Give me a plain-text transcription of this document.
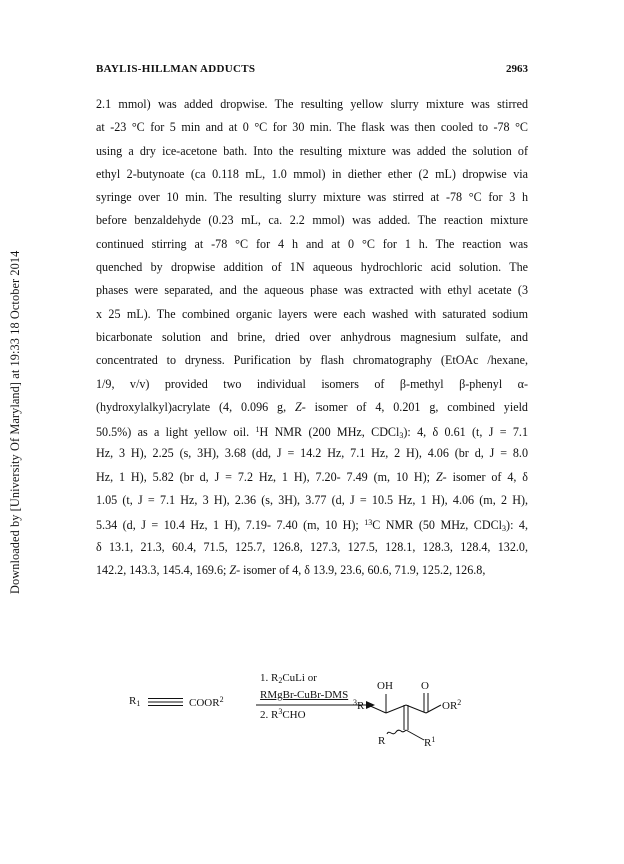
Downloaded by [University Of Maryland] at 19:33 18 October 2014
BAYLIS-HILLMAN ADDUCTS	2963
2.1 mmol) was added dropwise. The resulting yellow slurry mixture was stirred
at -23 °C for 5 min and at 0 °C for 30 min. The flask was then cooled to -78 °C
using a dry ice-acetone bath. Into the resulting mixture was added the solution of
ethyl 2-butynoate (ca 0.118 mL, 1.0 mmol) in diether ether (2 mL) dropwise via
syringe over 10 min. The resulting slurry mixture was stirred at -78 °C for 3 h
before benzaldehyde (0.23 mL, ca. 2.2 mmol) was added. The reaction mixture
continued stirring at -78 °C for 4 h and at 0 °C for 1 h. The reaction was
quenched by dropwise addition of 1N aqueous hydrochloric acid solution. The
phases were separated, and the aqueous phase was extracted with ethyl acetate (3
x 25 mL). The combined organic layers were each washed with saturated sodium
bicarbonate solution and brine, dried over anhydrous magnesium sulfate, and
concentrated to dryness. Purification by flash chromatography (EtOAc /hexane,
1/9, v/v) provided two individual isomers of β-methyl β-phenyl α-
(hydroxylalkyl)acrylate (4, 0.096 g, Z- isomer of 4, 0.201 g, combined yield
50.5%) as a light yellow oil. $^1$H NMR (200 MHz, CDCl$_3$): 4, δ 0.61 (t, J = 7.1
Hz, 3 H), 2.25 (s, 3H), 3.68 (dd, J = 14.2 Hz, 7.1 Hz, 2 H), 4.06 (br d, J = 8.0
Hz, 1 H), 5.82 (br d, J = 7.2 Hz, 1 H), 7.20- 7.49 (m, 10 H); Z- isomer of 4, δ
1.05 (t, J = 7.1 Hz, 3 H), 2.36 (s, 3H), 3.77 (d, J = 10.5 Hz, 1 H), 4.06 (m, 2 H),
5.34 (d, J = 10.4 Hz, 1 H), 7.19- 7.40 (m, 10 H); $^{13}$C NMR (50 MHz, CDCl$_3$): 4,
δ 13.1, 21.3, 60.4, 71.5, 125.7, 126.8, 127.3, 127.5, 128.1, 128.3, 128.4, 132.0,
142.2, 143.3, 145.4, 169.6; Z- isomer of 4, δ 13.9, 23.6, 60.6, 71.9, 125.2, 126.8,
$R_1$	COOR$^2$
1. $R_2CuLi$ or
RMgBr-CuBr-DMS
2. $R^3CHO$
OH	O
$^3$R	$OR^2$
R	$R^1$
